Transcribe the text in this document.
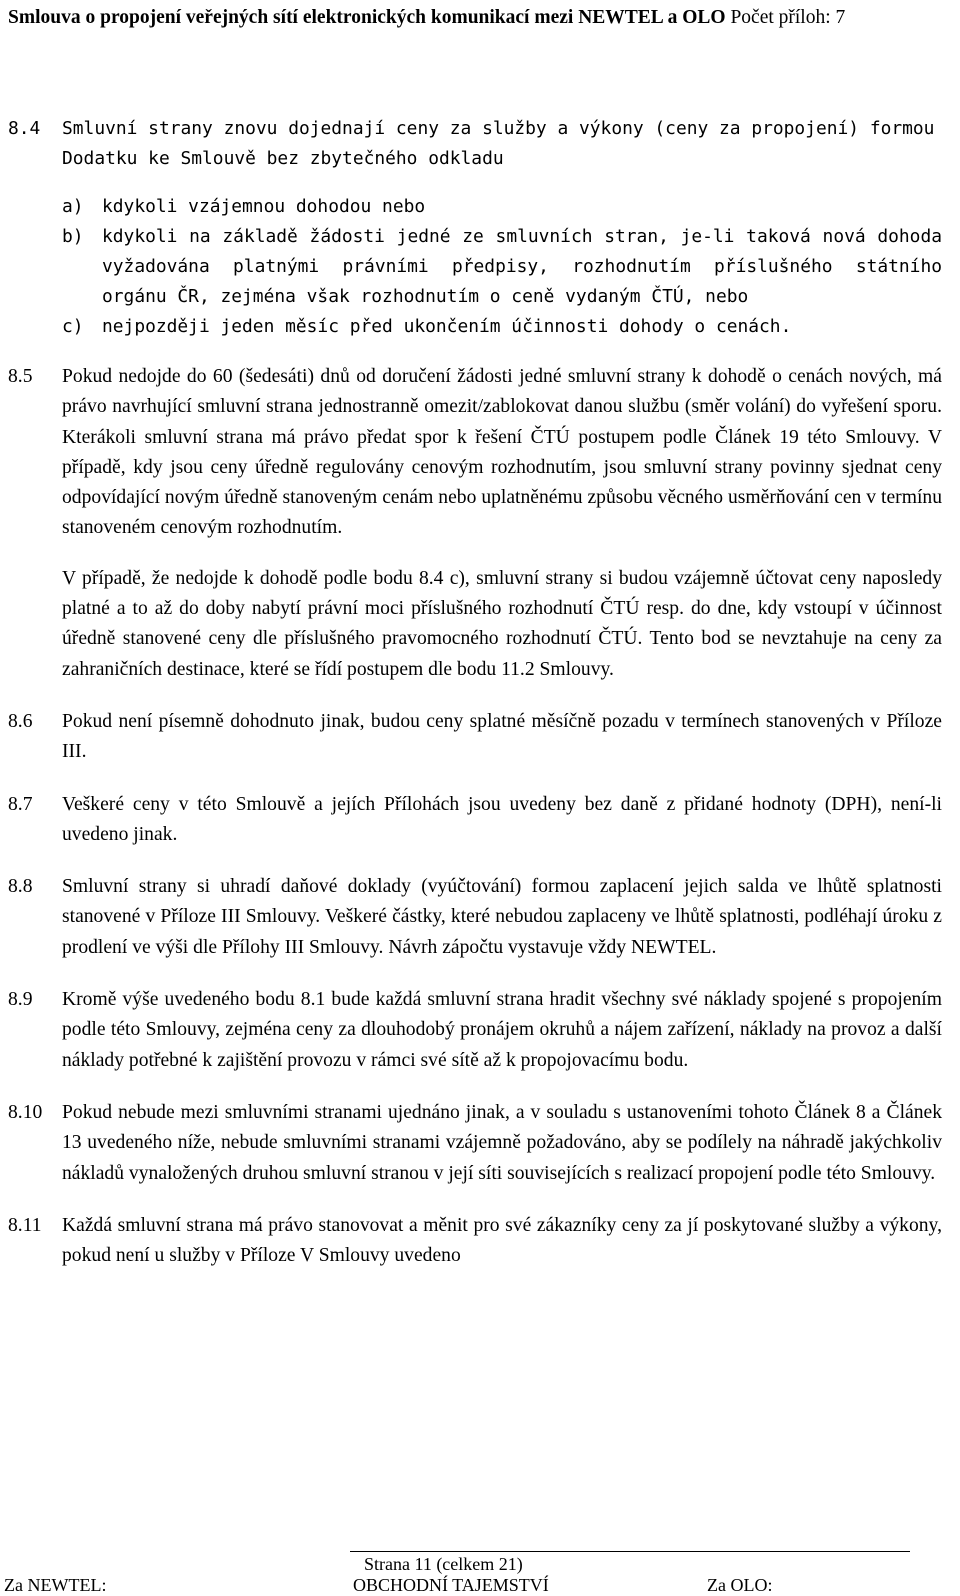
Smlouva o propojení veřejných sítí elektronických komunikací mezi NEWTEL a OLO Počet příloh: 7
8.4	Smluvní strany znovu dojednají ceny za služby a výkony (ceny za propojení) formou Dodatku ke Smlouvě bez zbytečného odkladu

a)	kdykoli vzájemnou dohodou nebo
b)	kdykoli na základě žádosti jedné ze smluvních stran, je-li taková nová dohoda vyžadována platnými právními předpisy, rozhodnutím příslušného státního orgánu ČR, zejména však rozhodnutím o ceně vydaným ČTÚ, nebo
c)	nejpozději jeden měsíc před ukončením účinnosti dohody o cenách.
8.5	Pokud nedojde do 60 (šedesáti) dnů od doručení žádosti jedné smluvní strany k dohodě o cenách nových, má právo navrhující smluvní strana jednostranně omezit/zablokovat danou službu (směr volání) do vyřešení sporu. Kterákoli smluvní strana má právo předat spor k řešení ČTÚ postupem podle Článek 19 této Smlouvy. V případě, kdy jsou ceny úředně regulovány cenovým rozhodnutím, jsou smluvní strany povinny sjednat ceny odpovídající novým úředně stanoveným cenám nebo uplatněnému způsobu věcného usměrňování cen v termínu stanoveném cenovým rozhodnutím.

V případě, že nedojde k dohodě podle bodu 8.4 c), smluvní strany si budou vzájemně účtovat ceny naposledy platné a to až do doby nabytí právní moci příslušného rozhodnutí ČTÚ resp. do dne, kdy vstoupí v účinnost úředně stanovené ceny dle příslušného pravomocného rozhodnutí ČTÚ. Tento bod se nevztahuje na ceny za zahraničních destinace, které se řídí postupem dle bodu 11.2 Smlouvy.

8.6	Pokud není písemně dohodnuto jinak, budou ceny splatné měsíčně pozadu v termínech stanovených v Příloze III.

8.7	Veškeré ceny v této Smlouvě a jejích Přílohách jsou uvedeny bez daně z přidané hodnoty (DPH), není-li uvedeno jinak.

8.8	Smluvní strany si uhradí daňové doklady (vyúčtování) formou zaplacení jejich salda ve lhůtě splatnosti stanovené v Příloze III Smlouvy. Veškeré částky, které nebudou zaplaceny ve lhůtě splatnosti, podléhají úroku z prodlení ve výši dle Přílohy III Smlouvy. Návrh zápočtu vystavuje vždy NEWTEL.

8.9	Kromě výše uvedeného bodu 8.1 bude každá smluvní strana hradit všechny své náklady spojené s propojením podle této Smlouvy, zejména ceny za dlouhodobý pronájem okruhů a nájem zařízení, náklady na provoz a další náklady potřebné k zajištění provozu v rámci své sítě až k propojovacímu bodu.

8.10	Pokud nebude mezi smluvními stranami ujednáno jinak, a v souladu s ustanoveními tohoto Článek 8 a Článek 13 uvedeného níže, nebude smluvními stranami vzájemně požadováno, aby se podílely na náhradě jakýchkoliv nákladů vynaložených druhou smluvní stranou v její síti souvisejících s realizací propojení podle této Smlouvy.

8.11	Každá smluvní strana má právo stanovovat a měnit pro své zákazníky ceny za jí poskytované služby a výkony, pokud není u služby v Příloze V Smlouvy uvedeno

Strana 11 (celkem 21)
Za NEWTEL:	OBCHODNÍ TAJEMSTVÍ	Za OLO:
